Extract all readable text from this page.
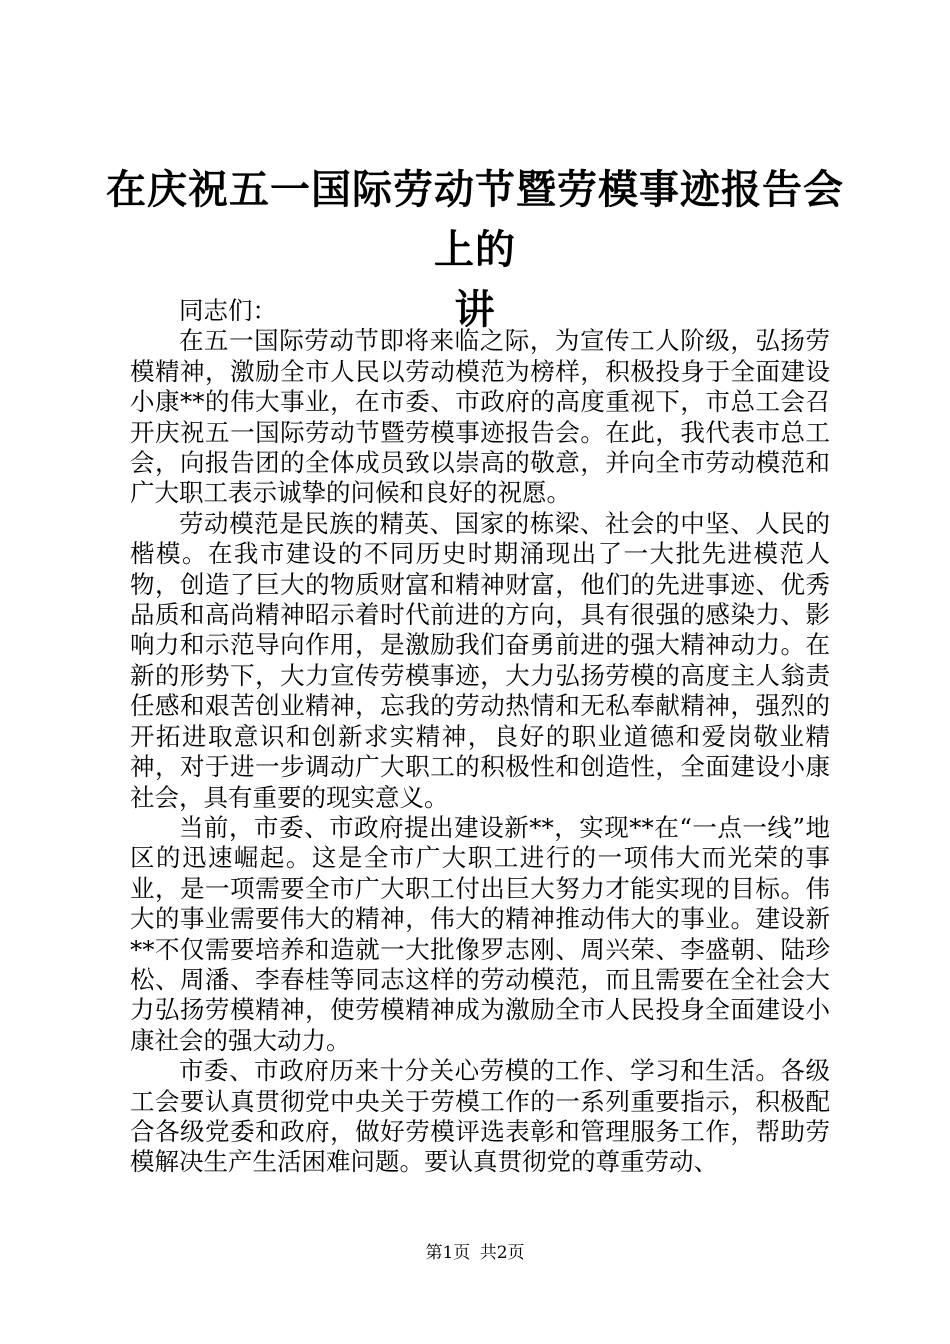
在庆祝五一国际劳动节暨劳模事迹报告会上的
讲

同志们：

在五一国际劳动节即将来临之际，为宣传工人阶级，弘扬劳模精神，激励全市人民以劳动模范为榜样，积极投身于全面建设小康**的伟大事业，在市委、市政府的高度重视下，市总工会召开庆祝五一国际劳动节暨劳模事迹报告会。在此，我代表市总工会，向报告团的全体成员致以崇高的敬意，并向全市劳动模范和广大职工表示诚挚的问候和良好的祝愿。

劳动模范是民族的精英、国家的栋梁、社会的中坚、人民的楷模。在我市建设的不同历史时期涌现出了一大批先进模范人物，创造了巨大的物质财富和精神财富，他们的先进事迹、优秀品质和高尚精神昭示着时代前进的方向，具有很强的感染力、影响力和示范导向作用，是激励我们奋勇前进的强大精神动力。在新的形势下，大力宣传劳模事迹，大力弘扬劳模的高度主人翁责任感和艰苦创业精神，忘我的劳动热情和无私奉献精神，强烈的开拓进取意识和创新求实精神，良好的职业道德和爱岗敬业精神，对于进一步调动广大职工的积极性和创造性，全面建设小康社会，具有重要的现实意义。

当前，市委、市政府提出建设新**，实现**在“一点一线”地区的迅速崛起。这是全市广大职工进行的一项伟大而光荣的事业，是一项需要全市广大职工付出巨大努力才能实现的目标。伟大的事业需要伟大的精神，伟大的精神推动伟大的事业。建设新**不仅需要培养和造就一大批像罗志刚、周兴荣、李盛朝、陆珍松、周潘、李春桂等同志这样的劳动模范，而且需要在全社会大力弘扬劳模精神，使劳模精神成为激励全市人民投身全面建设小康社会的强大动力。

市委、市政府历来十分关心劳模的工作、学习和生活。各级工会要认真贯彻党中央关于劳模工作的一系列重要指示，积极配合各级党委和政府，做好劳模评选表彰和管理服务工作，帮助劳模解决生产生活困难问题。要认真贯彻党的尊重劳动、

第1页 共2页
